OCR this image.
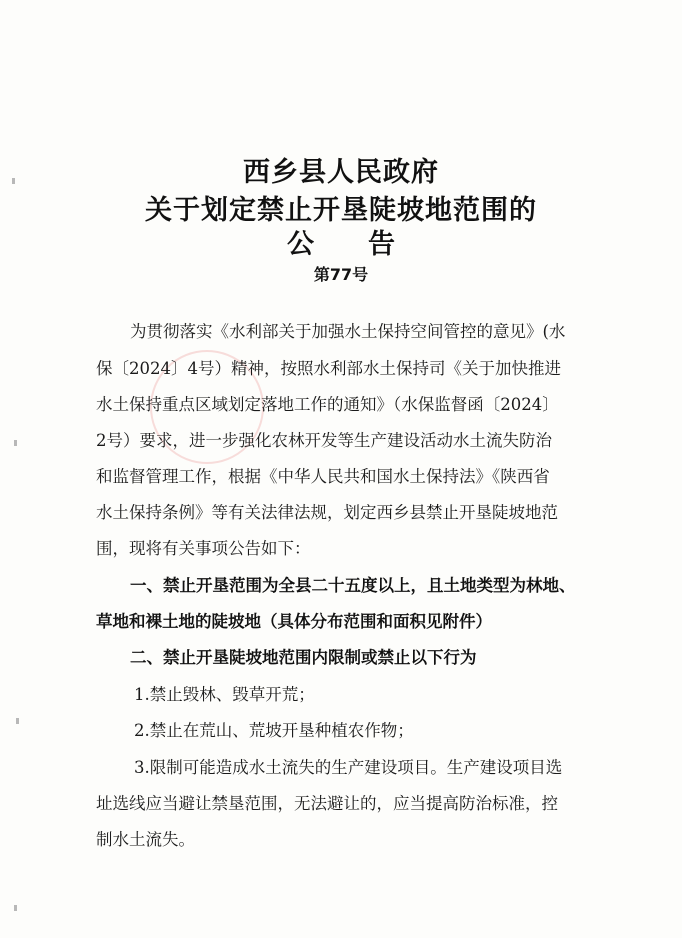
西乡县人民政府
关于划定禁止开垦陡坡地范围的
公　　告
第77号
为贯彻落实《水利部关于加强水土保持空间管控的意见》(水
保〔2024〕4号）精神，按照水利部水土保持司《关于加快推进
水土保持重点区域划定落地工作的通知》（水保监督函〔2024〕
2号）要求，进一步强化农林开发等生产建设活动水土流失防治
和监督管理工作，根据《中华人民共和国水土保持法》《陕西省
水土保持条例》等有关法律法规，划定西乡县禁止开垦陡坡地范
围，现将有关事项公告如下：
一、禁止开垦范围为全县二十五度以上，且土地类型为林地、
草地和裸土地的陡坡地（具体分布范围和面积见附件）
二、禁止开垦陡坡地范围内限制或禁止以下行为
1.禁止毁林、毁草开荒；
2.禁止在荒山、荒坡开垦种植农作物；
3.限制可能造成水土流失的生产建设项目。生产建设项目选
址选线应当避让禁垦范围，无法避让的，应当提高防治标准，控
制水土流失。
